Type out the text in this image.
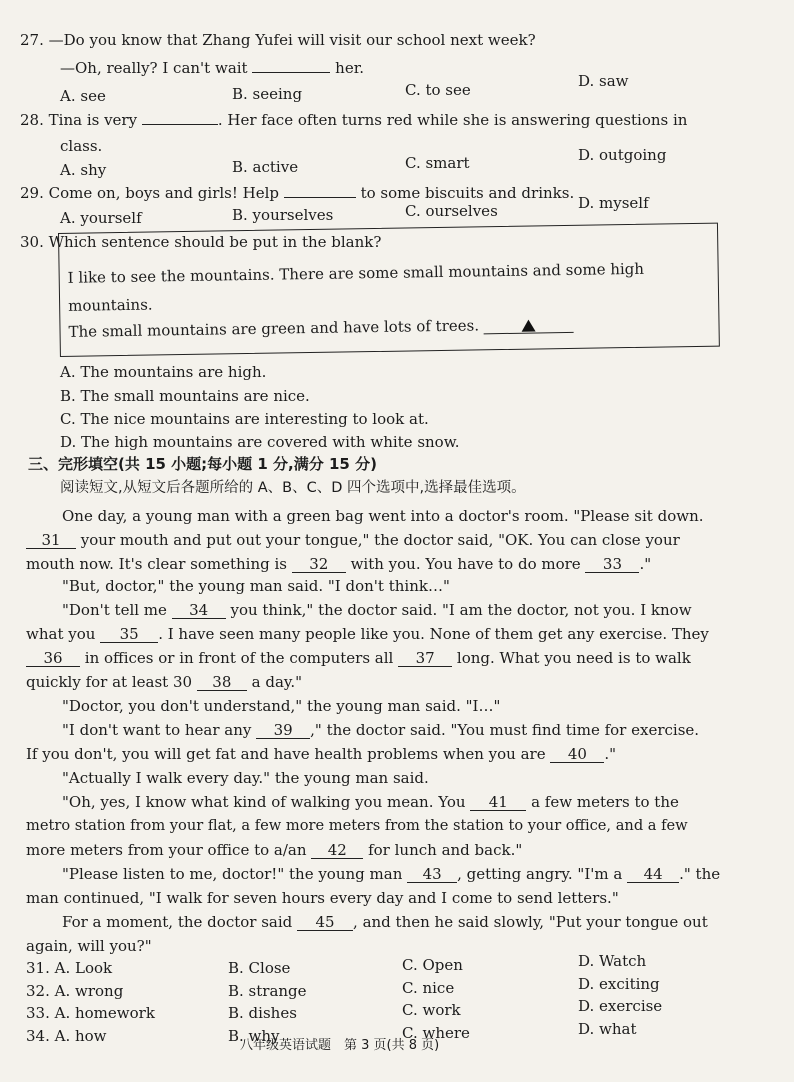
27. —Do you know that Zhang Yufei will visit our school next week?
—Oh, really? I can't wait	her.
A. see	B. seeing	C. to see	D. saw
28. Tina is very	. Her face often turns red while she is answering questions in
class.
A. shy	B. active	C. smart	D. outgoing
29. Come on, boys and girls! Help	to some biscuits and drinks.
A. yourself	B. yourselves	C. ourselves	D. myself
30. Which sentence should be put in the blank?
I like to see the mountains. There are some small mountains and some high
mountains.
The small mountains are green and have lots of trees.
A. The mountains are high.
B. The small mountains are nice.
C. The nice mountains are interesting to look at.
D. The high mountains are covered with white snow.
三、完形填空(共 15 小题;每小题 1 分,满分 15 分)
阅读短文,从短文后各题所给的 A、B、C、D 四个选项中,选择最佳选项。
One day, a young man with a green bag went into a doctor's room. "Please sit down.
31 your mouth and put out your tongue," the doctor said, "OK. You can close your
mouth now. It's clear something is 32 with you. You have to do more 33 ."
"But, doctor," the young man said. "I don't think…"
"Don't tell me 34 you think," the doctor said. "I am the doctor, not you. I know
what you 35 . I have seen many people like you. None of them get any exercise. They
36 in offices or in front of the computers all 37 long. What you need is to walk
quickly for at least 30 38 a day."
"Doctor, you don't understand," the young man said. "I…"
"I don't want to hear any 39 ," the doctor said. "You must find time for exercise.
If you don't, you will get fat and have health problems when you are 40 ."
"Actually I walk every day." the young man said.
"Oh, yes, I know what kind of walking you mean. You 41 a few meters to the
metro station from your flat, a few more meters from the station to your office, and a few
more meters from your office to a/an 42 for lunch and back."
"Please listen to me, doctor!" the young man 43 , getting angry. "I'm a 44 ." the
man continued, "I walk for seven hours every day and I come to send letters."
For a moment, the doctor said 45 , and then he said slowly, "Put your tongue out
again, will you?"
31. A. Look	B. Close	C. Open	D. Watch
32. A. wrong	B. strange	C. nice	D. exciting
33. A. homework	B. dishes	C. work	D. exercise
34. A. how	B. why	C. where	D. what
八年级英语试题　第 3 页(共 8 页)
